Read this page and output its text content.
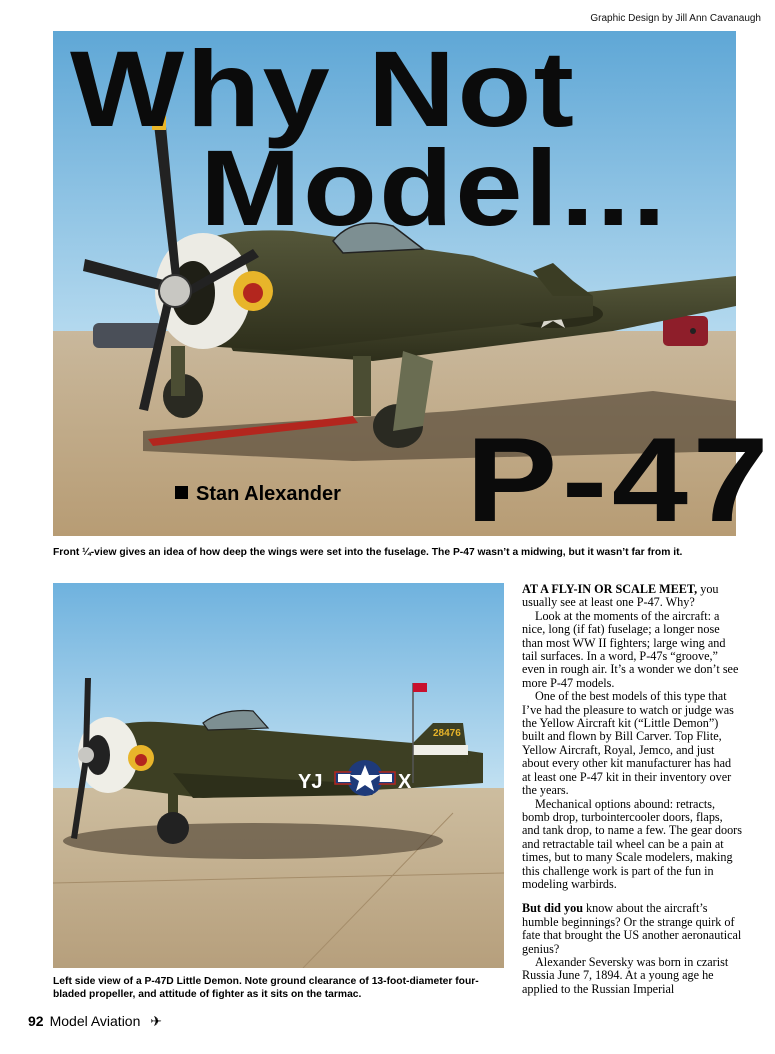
Graphic Design by Jill Ann Cavanaugh
Why Not
Model...
P-47
Stan Alexander
Front ¼-view gives an idea of how deep the wings were set into the fuselage. The P-47 wasn’t a midwing, but it wasn’t far from it.
28476
YJ	X
Left side view of a P-47D Little Demon. Note ground clearance of 13-foot-diameter four-bladed propeller, and attitude of fighter as it sits on the tarmac.

AT A FLY-IN OR SCALE MEET, you usually see at least one P-47. Why?

Look at the moments of the aircraft: a nice, long (if fat) fuselage; a longer nose than most WW II fighters; large wing and tail surfaces. In a word, P-47s “groove,” even in rough air. It’s a wonder we don’t see more P-47 models.

One of the best models of this type that I’ve had the pleasure to watch or judge was the Yellow Aircraft kit (“Little Demon”) built and flown by Bill Carver. Top Flite, Yellow Aircraft, Royal, Jemco, and just about every other kit manufacturer has had at least one P-47 kit in their inventory over the years.

Mechanical options abound: retracts, bomb drop, turbointercooler doors, flaps, and tank drop, to name a few. The gear doors and retractable tail wheel can be a pain at times, but to many Scale modelers, making this challenge work is part of the fun in modeling warbirds.

But did you know about the aircraft’s humble beginnings? Or the strange quirk of fate that brought the US another aeronautical genius?

Alexander Seversky was born in czarist Russia June 7, 1894. At a young age he applied to the Russian Imperial

92 Model Aviation ✈
